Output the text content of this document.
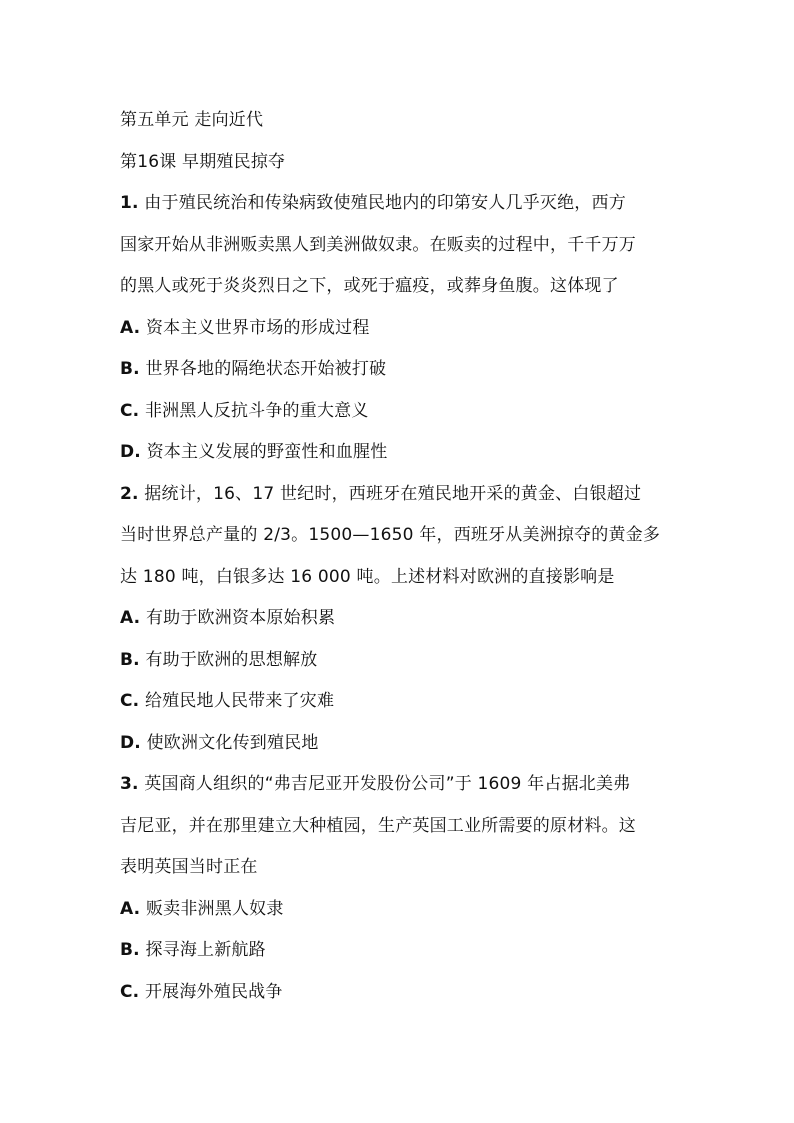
第五单元 走向近代
第16课 早期殖民掠夺
1. 由于殖民统治和传染病致使殖民地内的印第安人几乎灭绝，西方
国家开始从非洲贩卖黑人到美洲做奴隶。在贩卖的过程中，千千万万
的黑人或死于炎炎烈日之下，或死于瘟疫，或葬身鱼腹。这体现了
A. 资本主义世界市场的形成过程
B. 世界各地的隔绝状态开始被打破
C. 非洲黑人反抗斗争的重大意义
D. 资本主义发展的野蛮性和血腥性
2. 据统计，16、17 世纪时，西班牙在殖民地开采的黄金、白银超过
当时世界总产量的 2/3。1500—1650 年，西班牙从美洲掠夺的黄金多
达 180 吨，白银多达 16 000 吨。上述材料对欧洲的直接影响是
A. 有助于欧洲资本原始积累
B. 有助于欧洲的思想解放
C. 给殖民地人民带来了灾难
D. 使欧洲文化传到殖民地
3. 英国商人组织的“弗吉尼亚开发股份公司”于 1609 年占据北美弗
吉尼亚，并在那里建立大种植园，生产英国工业所需要的原材料。这
表明英国当时正在
A. 贩卖非洲黑人奴隶
B. 探寻海上新航路
C. 开展海外殖民战争
